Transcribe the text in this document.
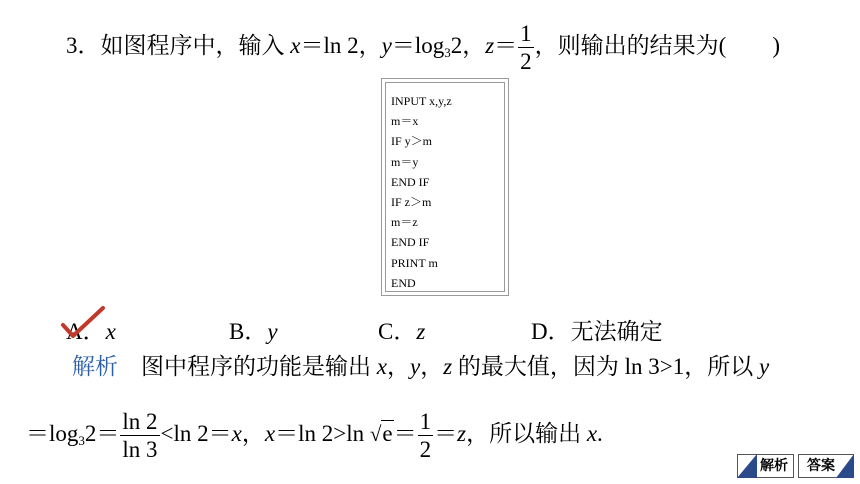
3．如图程序中，输入 x＝ln 2，$y=\log_32$，$z= \frac{1}{2}$ ，则输出的结果为(　　)
INPUT x,y,z
m＝x
IF y＞m
m＝y
END IF
IF z＞m
m＝z
END IF
PRINT m
END
A．x	B．y	C．z	D．无法确定
解析　 图中程序的功能是输出 x，y，z 的最大值，因为 ln 3>1，所以 y
$=\log_32= \frac{\ln 2}{\ln 3} <\ln$ 2＝x，x＝ln 2>ln $√e= \frac{1}{2} =z$，所以输出 x.
解析	答案
